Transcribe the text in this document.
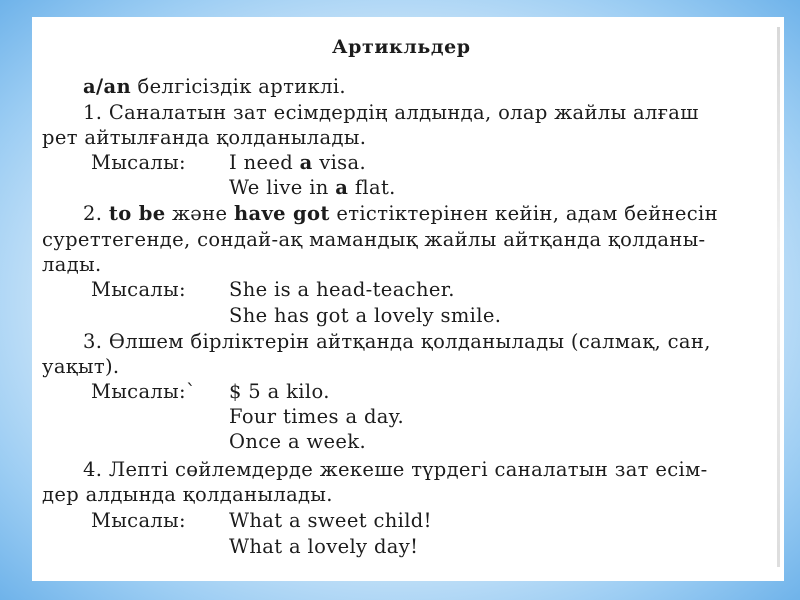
Артикльдер
a/an белгісіздік артиклі.
1. Саналатын зат есімдердің алдында, олар жайлы алғаш
рет айтылғанда қолданылады.
Мысалы: I need a visa.
We live in a flat.
2. to be және have got етістіктерінен кейін, адам бейнесін
суреттегенде, сондай-ақ мамандық жайлы айтқанда қолданы-
лады.
Мысалы: She is a head-teacher.
She has got a lovely smile.
3. Өлшем бірліктерін айтқанда қолданылады (салмақ, сан,
уақыт).
Мысалы:` $ 5 a kilo.
Four times a day.
Once a week.
4. Лепті сөйлемдерде жекеше түрдегі саналатын зат есім-
дер алдында қолданылады.
Мысалы: What a sweet child!
What a lovely day!
